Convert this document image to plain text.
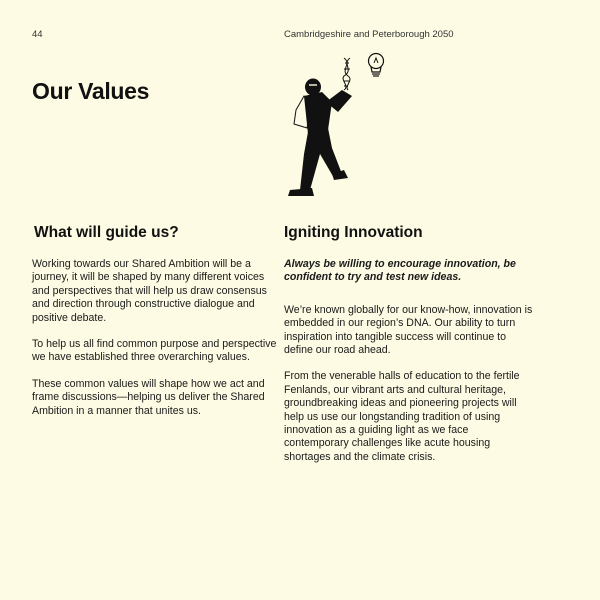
44	Cambridgeshire and Peterborough 2050
Our Values
What will guide us?

Working towards our Shared Ambition will be a journey, it will be shaped by many different voices and perspectives that will help us draw consensus and direction through constructive dialogue and positive debate.

To help us all find common purpose and perspective we have established three overarching values.

These common values will shape how we act and frame discussions—helping us deliver the Shared Ambition in a manner that unites us.

Igniting Innovation

Always be willing to encourage innovation, be confident to try and test new ideas.

We’re known globally for our know-how, innovation is embedded in our region’s DNA. Our ability to turn inspiration into tangible success will continue to define our road ahead.

From the venerable halls of education to the fertile Fenlands, our vibrant arts and cultural heritage, groundbreaking ideas and pioneering projects will help us use our longstanding tradition of using innovation as a guiding light as we face contemporary challenges like acute housing shortages and the climate crisis.
